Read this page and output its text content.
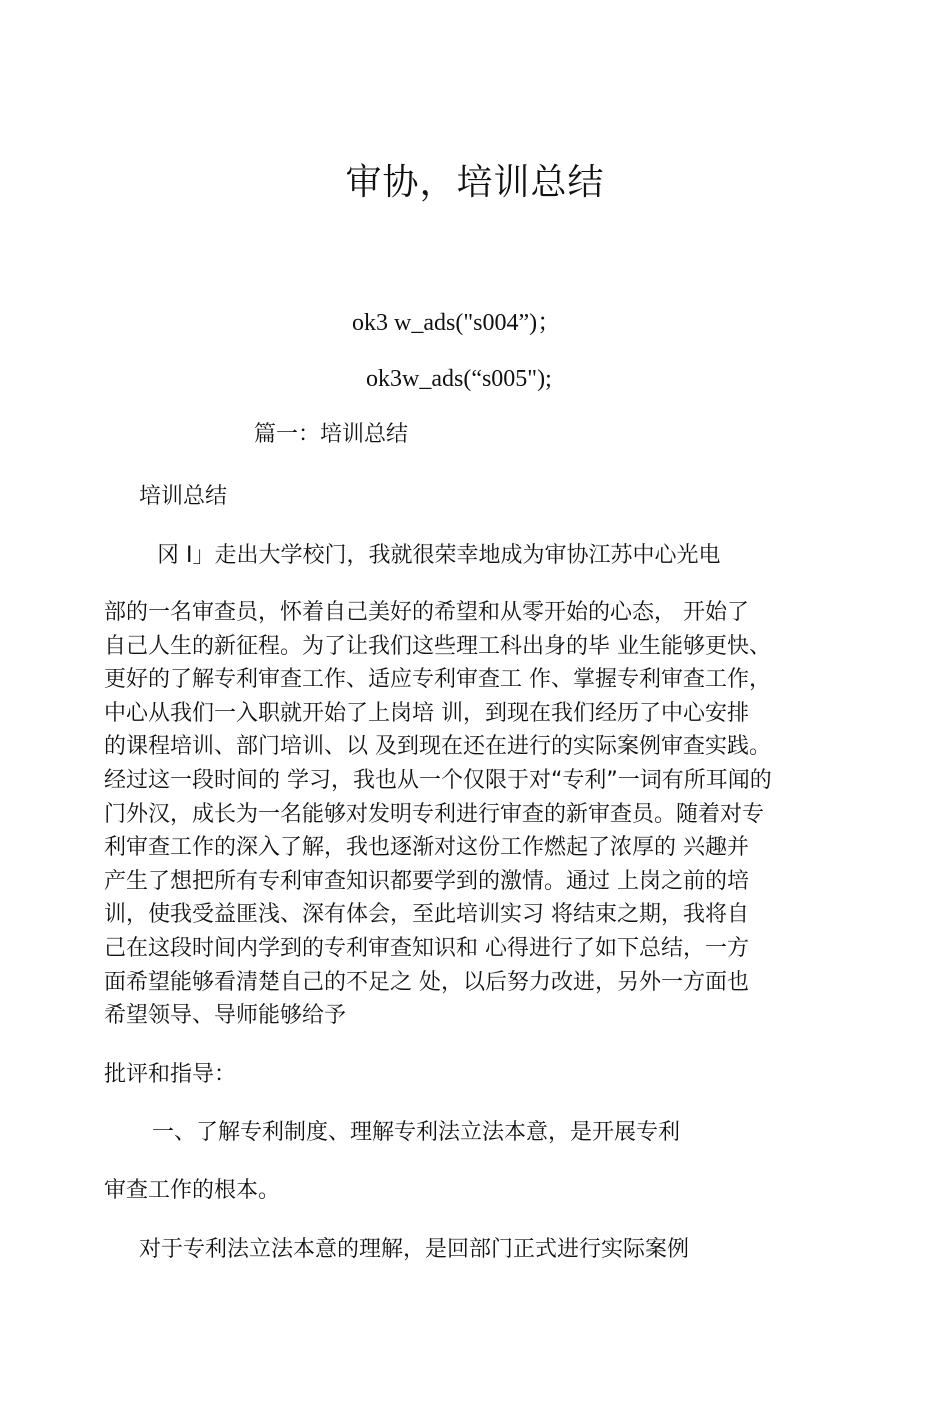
审协，培训总结
ok3 w_ads("s004”)；
ok3w_ads(“s005");
篇一：培训总结
培训总结
冈 I」走出大学校门，我就很荣幸地成为审协江苏中心光电
部的一名审查员，怀着自己美好的希望和从零开始的心态， 开始了
自己人生的新征程。为了让我们这些理工科出身的毕 业生能够更快、
更好的了解专利审查工作、适应专利审查工 作、掌握专利审查工作，
中心从我们一入职就开始了上岗培 训，到现在我们经历了中心安排
的课程培训、部门培训、以 及到现在还在进行的实际案例审查实践。
经过这一段时间的 学习，我也从一个仅限于对“专利”一词有所耳闻的
门外汉，成长为一名能够对发明专利进行审查的新审查员。随着对专
利审查工作的深入了解，我也逐渐对这份工作燃起了浓厚的 兴趣并
产生了想把所有专利审查知识都要学到的激情。通过 上岗之前的培
训，使我受益匪浅、深有体会，至此培训实习 将结束之期，我将自
己在这段时间内学到的专利审查知识和 心得进行了如下总结，一方
面希望能够看清楚自己的不足之 处，以后努力改进，另外一方面也
希望领导、导师能够给予
批评和指导：
一、了解专利制度、理解专利法立法本意，是开展专利
审查工作的根本。
对于专利法立法本意的理解，是回部门正式进行实际案例
